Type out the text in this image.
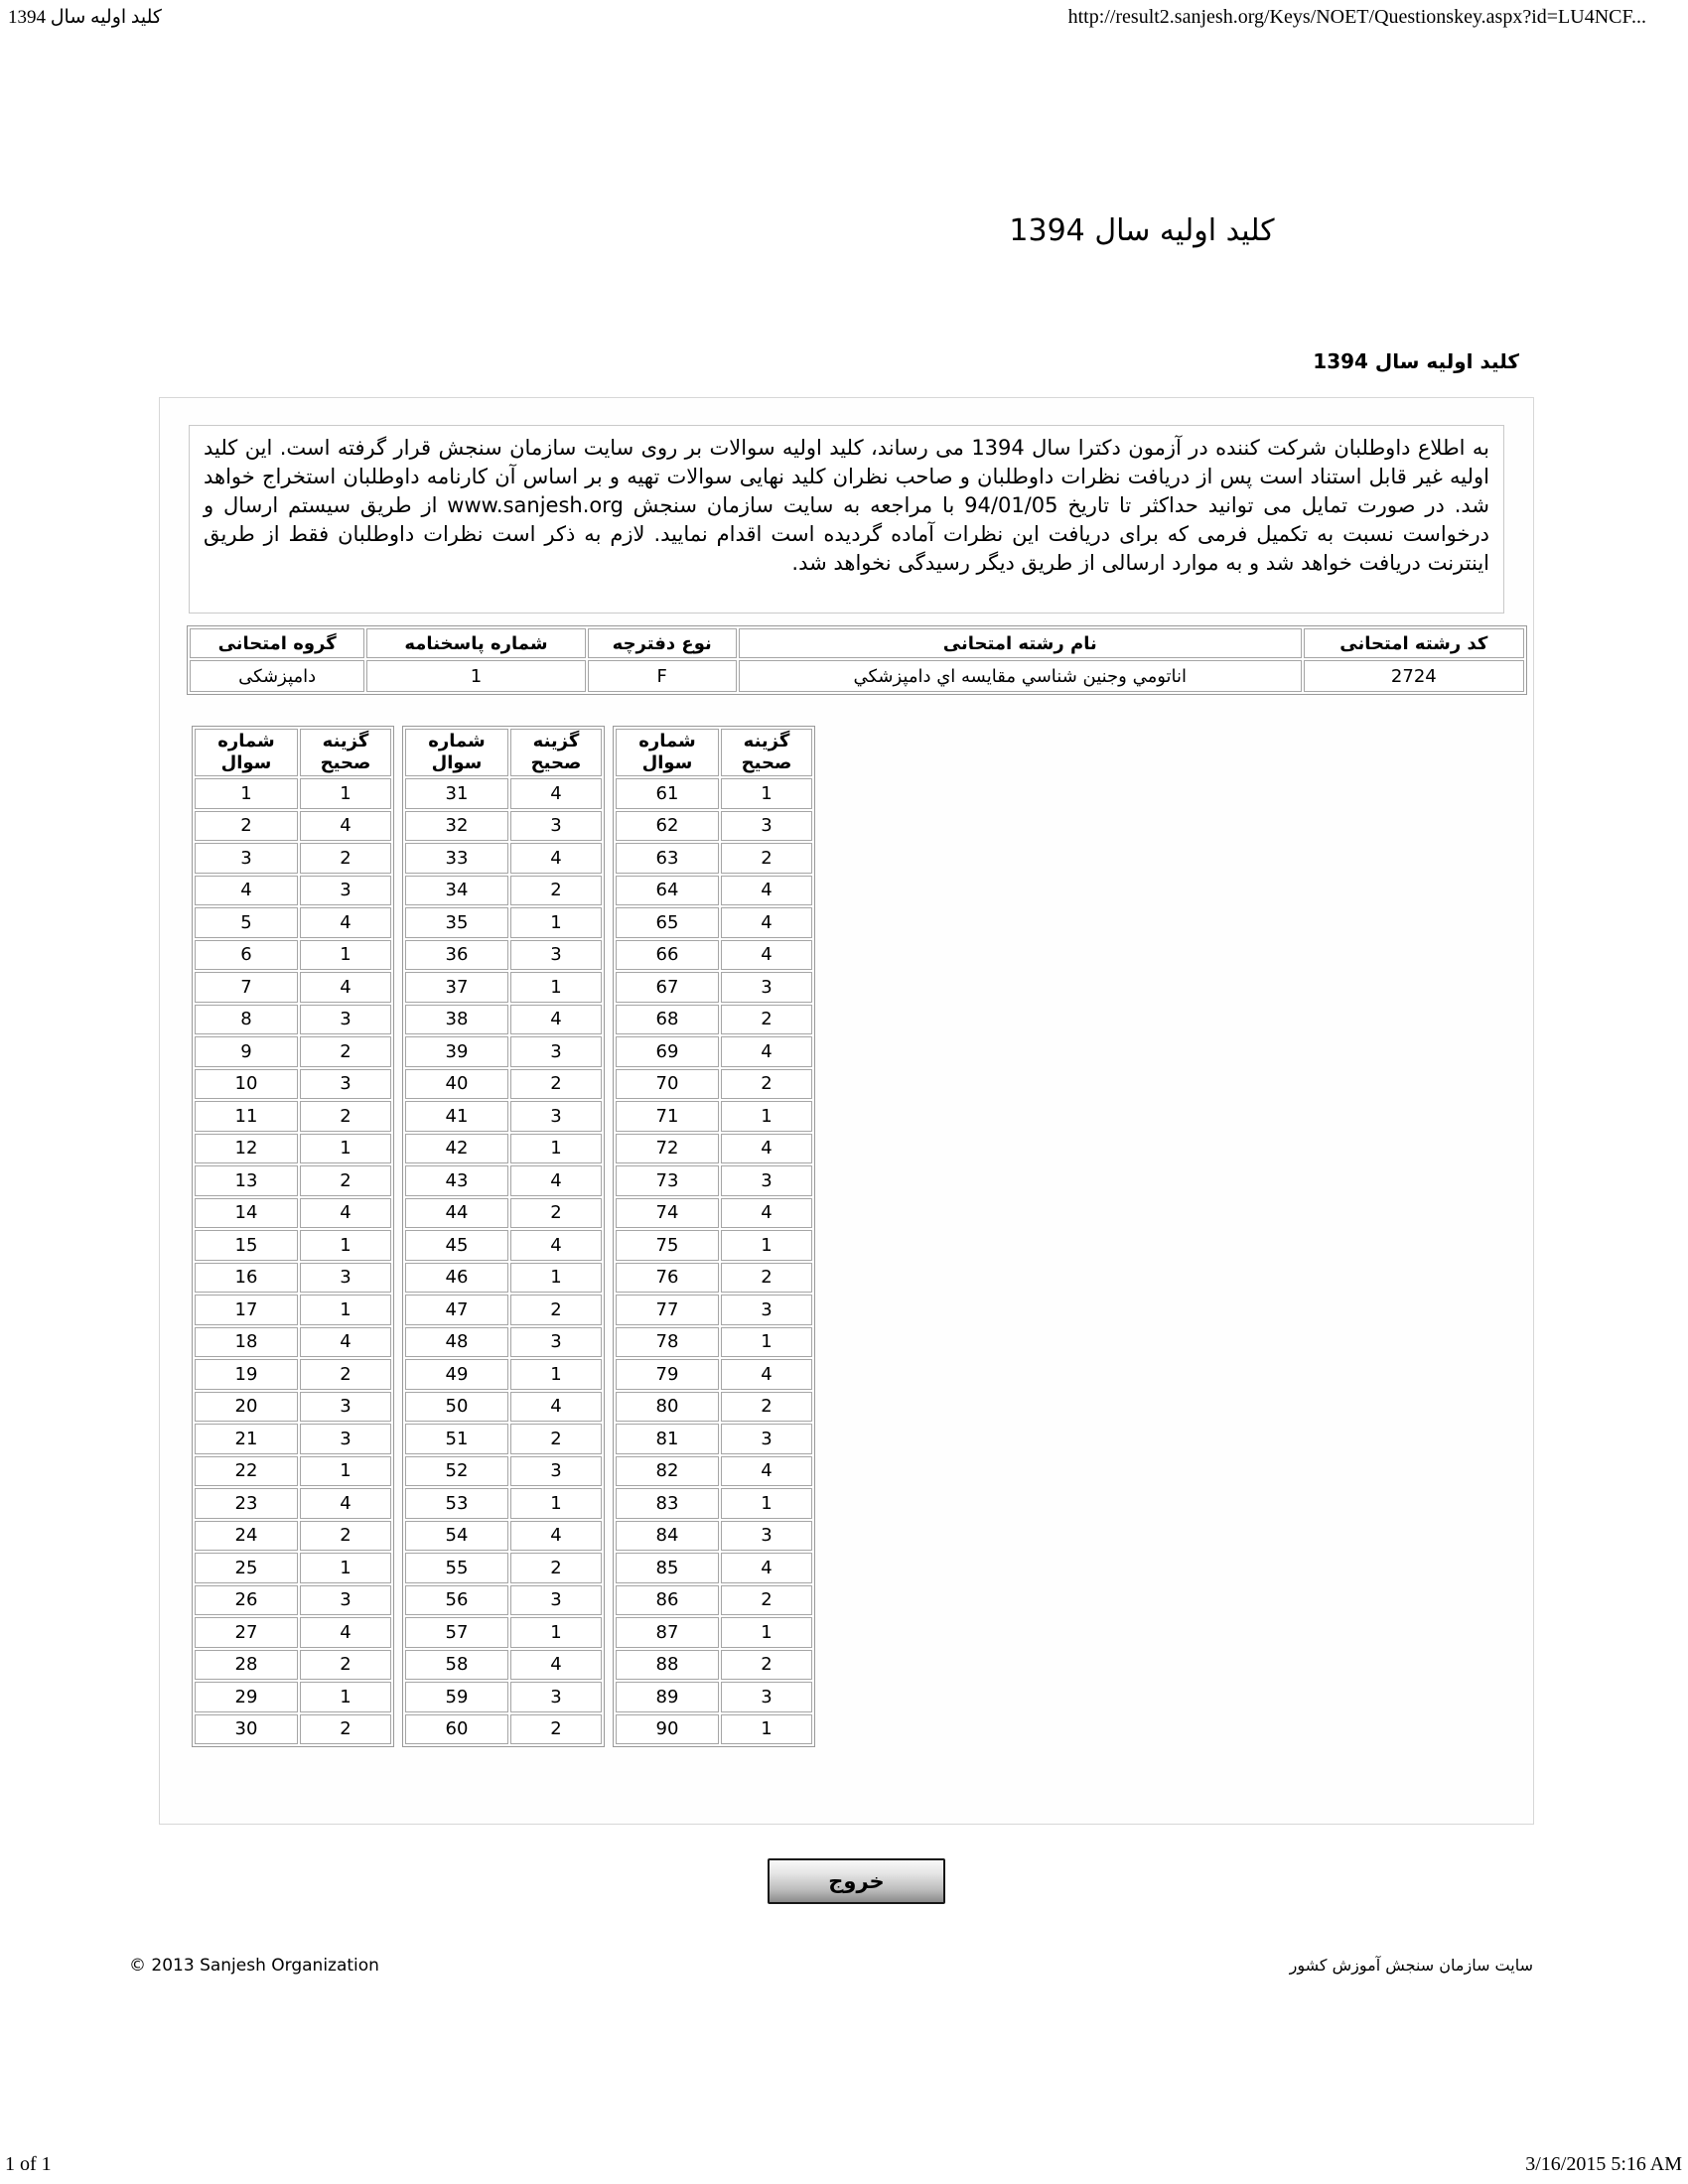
کلید اولیه سال 1394	http://result2.sanjesh.org/Keys/NOET/Questionskey.aspx?id=LU4NCF...
کلید اولیه سال 1394
کلید اولیه سال 1394
به اطلاع داوطلبان شرکت کننده در آزمون دکترا سال 1394 می رساند، کلید اولیه سوالات بر روی سایت سازمان سنجش قرار گرفته است. این کلید اولیه غیر قابل استناد است پس از دریافت نظرات داوطلبان و صاحب نظران کلید نهایی سوالات تهیه و بر اساس آن کارنامه داوطلبان استخراج خواهد شد. در صورت تمایل می توانید حداکثر تا تاریخ 94/01/05 با مراجعه به سایت سازمان سنجش www.sanjesh.org از طریق سیستم ارسال و درخواست نسبت به تکمیل فرمی که برای دریافت این نظرات آماده گردیده است اقدام نمایید. لازم به ذکر است نظرات داوطلبان فقط از طریق اینترنت دریافت خواهد شد و به موارد ارسالی از طریق دیگر رسیدگی نخواهد شد.
کد رشته امتحانی	نام رشته امتحانی	نوع دفترچه	شماره پاسخنامه	گروه امتحانی
2724	اناتومي وجنين شناسي مقايسه اي دامپزشكي	F	1	دامپزشکی
شماره سوال	گزینه صحیح
1	1
2	4
3	2
4	3
5	4
6	1
7	4
8	3
9	2
10	3
11	2
12	1
13	2
14	4
15	1
16	3
17	1
18	4
19	2
20	3
21	3
22	1
23	4
24	2
25	1
26	3
27	4
28	2
29	1
30	2
شماره سوال	گزینه صحیح
31	4
32	3
33	4
34	2
35	1
36	3
37	1
38	4
39	3
40	2
41	3
42	1
43	4
44	2
45	4
46	1
47	2
48	3
49	1
50	4
51	2
52	3
53	1
54	4
55	2
56	3
57	1
58	4
59	3
60	2
شماره سوال	گزینه صحیح
61	1
62	3
63	2
64	4
65	4
66	4
67	3
68	2
69	4
70	2
71	1
72	4
73	3
74	4
75	1
76	2
77	3
78	1
79	4
80	2
81	3
82	4
83	1
84	3
85	4
86	2
87	1
88	2
89	3
90	1
خروج
© 2013 Sanjesh Organization	سایت سازمان سنجش آموزش کشور
1 of 1	3/16/2015 5:16 AM
